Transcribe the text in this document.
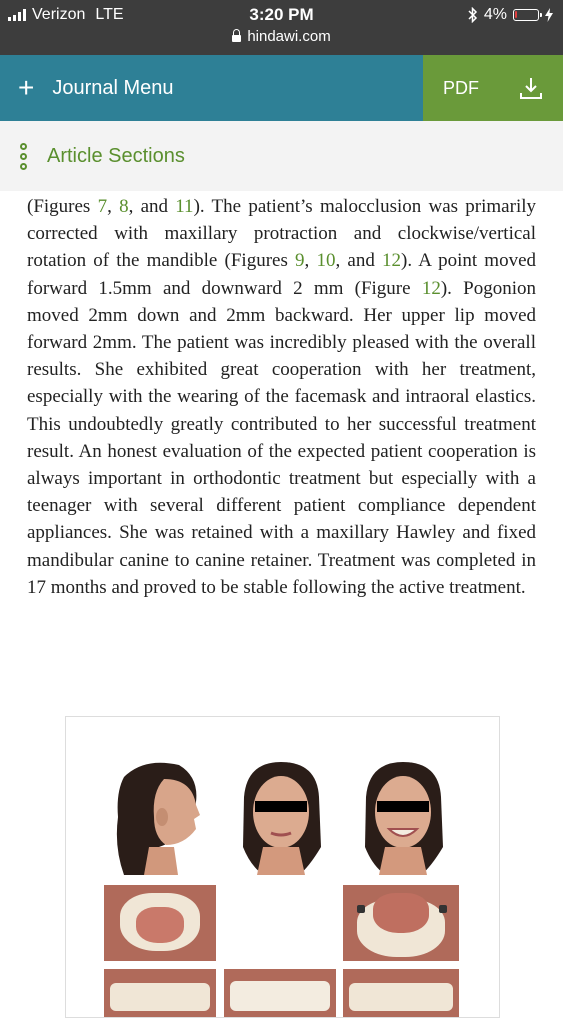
Verizon LTE	3:20 PM
hindawi.com
4%
+ Journal Menu	PDF
Article Sections

(Figures 7, 8, and 11). The patient’s malocclusion was primarily corrected with maxillary protraction and clockwise/vertical rotation of the mandible (Figures 9, 10, and 12). A point moved forward 1.5mm and downward 2 mm (Figure 12). Pogonion moved 2mm down and 2mm backward. Her upper lip moved forward 2mm. The patient was incredibly pleased with the overall results. She exhibited great cooperation with her treatment, especially with the wearing of the facemask and intraoral elastics. This undoubtedly greatly contributed to her successful treatment result. An honest evaluation of the expected patient cooperation is always important in orthodontic treatment but especially with a teenager with several different patient compliance dependent appliances. She was retained with a maxillary Hawley and fixed mandibular canine to canine retainer. Treatment was completed in 17 months and proved to be stable following the active treatment.
